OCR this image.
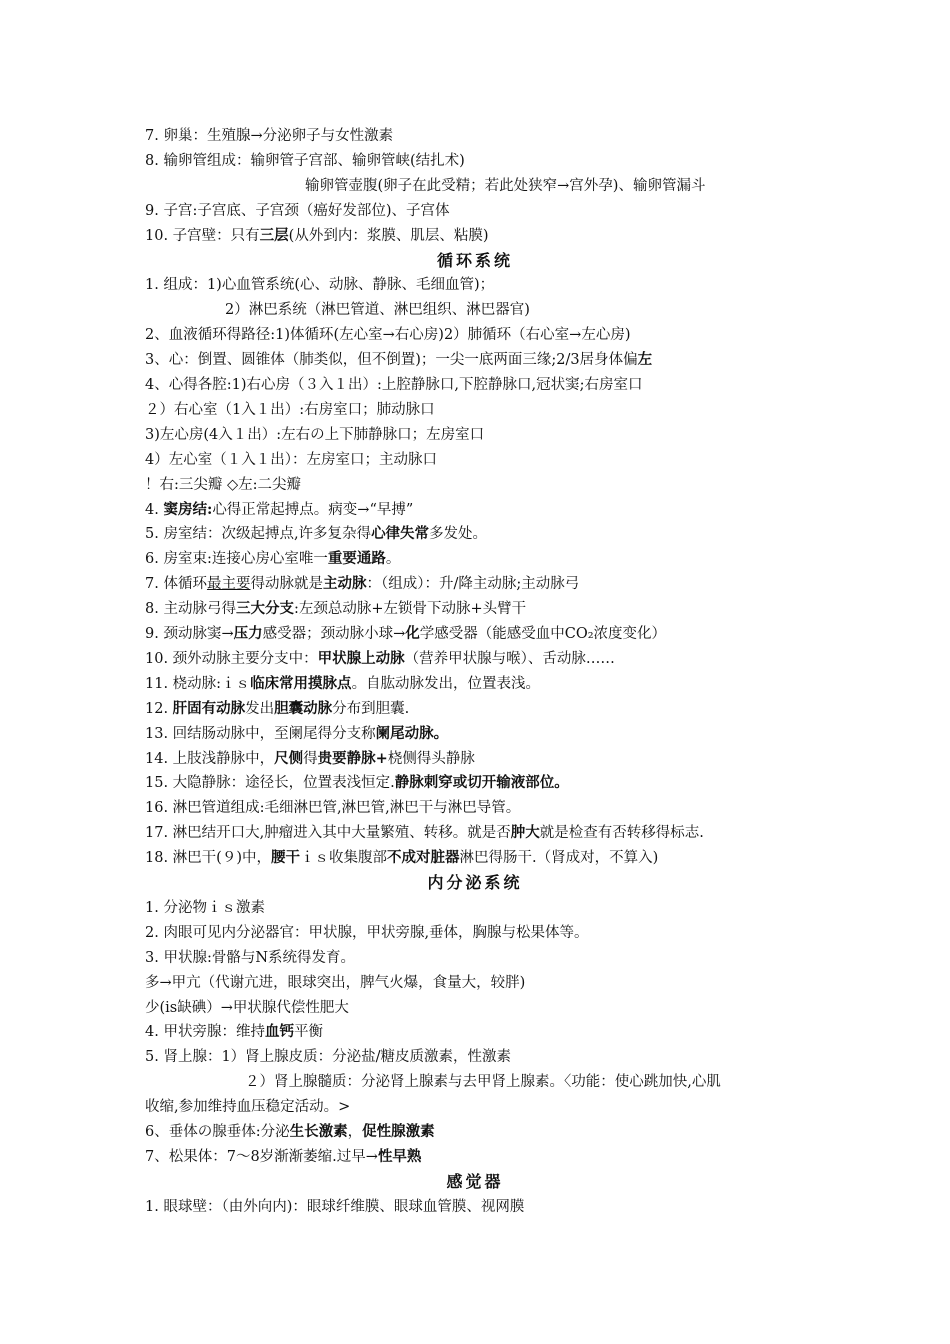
7. 卵巢：生殖腺→分泌卵子与女性激素
8. 输卵管组成：输卵管子宫部、输卵管峡(结扎术)
输卵管壶腹(卵子在此受精；若此处狭窄→宫外孕)、输卵管漏斗
9. 子宫:子宫底、子宫颈（癌好发部位)、子宫体
10. 子宫壁：只有三层(从外到内：浆膜、肌层、粘膜)
循环系统
1. 组成：1)心血管系统(心、动脉、静脉、毛细血管)；
2）淋巴系统（淋巴管道、淋巴组织、淋巴器官)
2、血液循环得路径:1)体循环(左心室→右心房)2）肺循环（右心室→左心房)
3、心：倒置、圆锥体（肺类似，但不倒置)；一尖一底两面三缘;2/3居身体偏左
4、心得各腔:1)右心房（３入１出）:上腔静脉口,下腔静脉口,冠状窦;右房室口
２）右心室（1入１出）:右房室口；肺动脉口
3)左心房(4入１出）:左右の上下肺静脉口；左房室口
4）左心室（１入１出）：左房室口；主动脉口
！右:三尖瓣 ◇左:二尖瓣
4. 窦房结:心得正常起搏点。病变→“早搏”
5. 房室结：次级起搏点,许多复杂得心律失常多发处。
6. 房室束:连接心房心室唯一重要通路。
7. 体循环最主要得动脉就是主动脉：（组成）：升/降主动脉;主动脉弓
8. 主动脉弓得三大分支:左颈总动脉+左锁骨下动脉+头臂干
9. 颈动脉窦→压力感受器；颈动脉小球→化学感受器（能感受血中CO₂浓度变化）
10. 颈外动脉主要分支中：甲状腺上动脉（营养甲状腺与喉）、舌动脉……
11. 桡动脉:ｉｓ临床常用摸脉点。自肱动脉发出，位置表浅。
12. 肝固有动脉发出胆囊动脉分布到胆囊.
13. 回结肠动脉中，至阑尾得分支称阑尾动脉。
14. 上肢浅静脉中，尺侧得贵要静脉+桡侧得头静脉
15. 大隐静脉：途径长，位置表浅恒定.静脉刺穿或切开输液部位。
16. 淋巴管道组成:毛细淋巴管,淋巴管,淋巴干与淋巴导管。
17. 淋巴结开口大,肿瘤进入其中大量繁殖、转移。就是否肿大就是检查有否转移得标志.
18. 淋巴干(９)中，腰干ｉｓ收集腹部不成对脏器淋巴得肠干.（肾成对，不算入)
内分泌系统
1. 分泌物ｉｓ激素
2. 肉眼可见内分泌器官：甲状腺，甲状旁腺,垂体，胸腺与松果体等。
3. 甲状腺:骨骼与N系统得发育。
多→甲亢（代谢亢进，眼球突出，脾气火爆，食量大，较胖)
少(is缺碘）→甲状腺代偿性肥大
4. 甲状旁腺：维持血钙平衡
5. 肾上腺：1）肾上腺皮质：分泌盐/糖皮质激素，性激素
２）肾上腺髓质：分泌肾上腺素与去甲肾上腺素。〈功能：使心跳加快,心肌
收缩,参加维持血压稳定活动。>
6、垂体の腺垂体:分泌生长激素，促性腺激素
7、松果体：7～8岁渐渐萎缩.过早→性早熟
感觉器
1. 眼球壁：（由外向内)：眼球纤维膜、眼球血管膜、视网膜
